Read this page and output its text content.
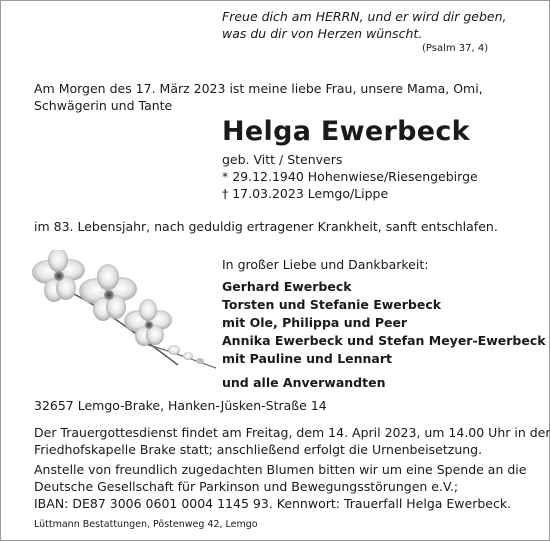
Freue dich am HERRN, und er wird dir geben,
was du dir von Herzen wünscht.
(Psalm 37, 4)
Am Morgen des 17. März 2023 ist meine liebe Frau, unsere Mama, Omi,
Schwägerin und Tante
Helga Ewerbeck
geb. Vitt / Stenvers
* 29.12.1940 Hohenwiese/Riesengebirge
† 17.03.2023 Lemgo/Lippe
im 83. Lebensjahr, nach geduldig ertragener Krankheit, sanft entschlafen.
In großer Liebe und Dankbarkeit:
Gerhard Ewerbeck
Torsten und Stefanie Ewerbeck
mit Ole, Philippa und Peer
Annika Ewerbeck und Stefan Meyer-Ewerbeck
mit Pauline und Lennart
und alle Anverwandten
32657 Lemgo-Brake, Hanken-Jüsken-Straße 14
Der Trauergottesdienst findet am Freitag, dem 14. April 2023, um 14.00 Uhr in der
Friedhofskapelle Brake statt; anschließend erfolgt die Urnenbeisetzung.
Anstelle von freundlich zugedachten Blumen bitten wir um eine Spende an die
Deutsche Gesellschaft für Parkinson und Bewegungsstörungen e.V.;
IBAN: DE87 3006 0601 0004 1145 93. Kennwort: Trauerfall Helga Ewerbeck.
Lüttmann Bestattungen, Pöstenweg 42, Lemgo
